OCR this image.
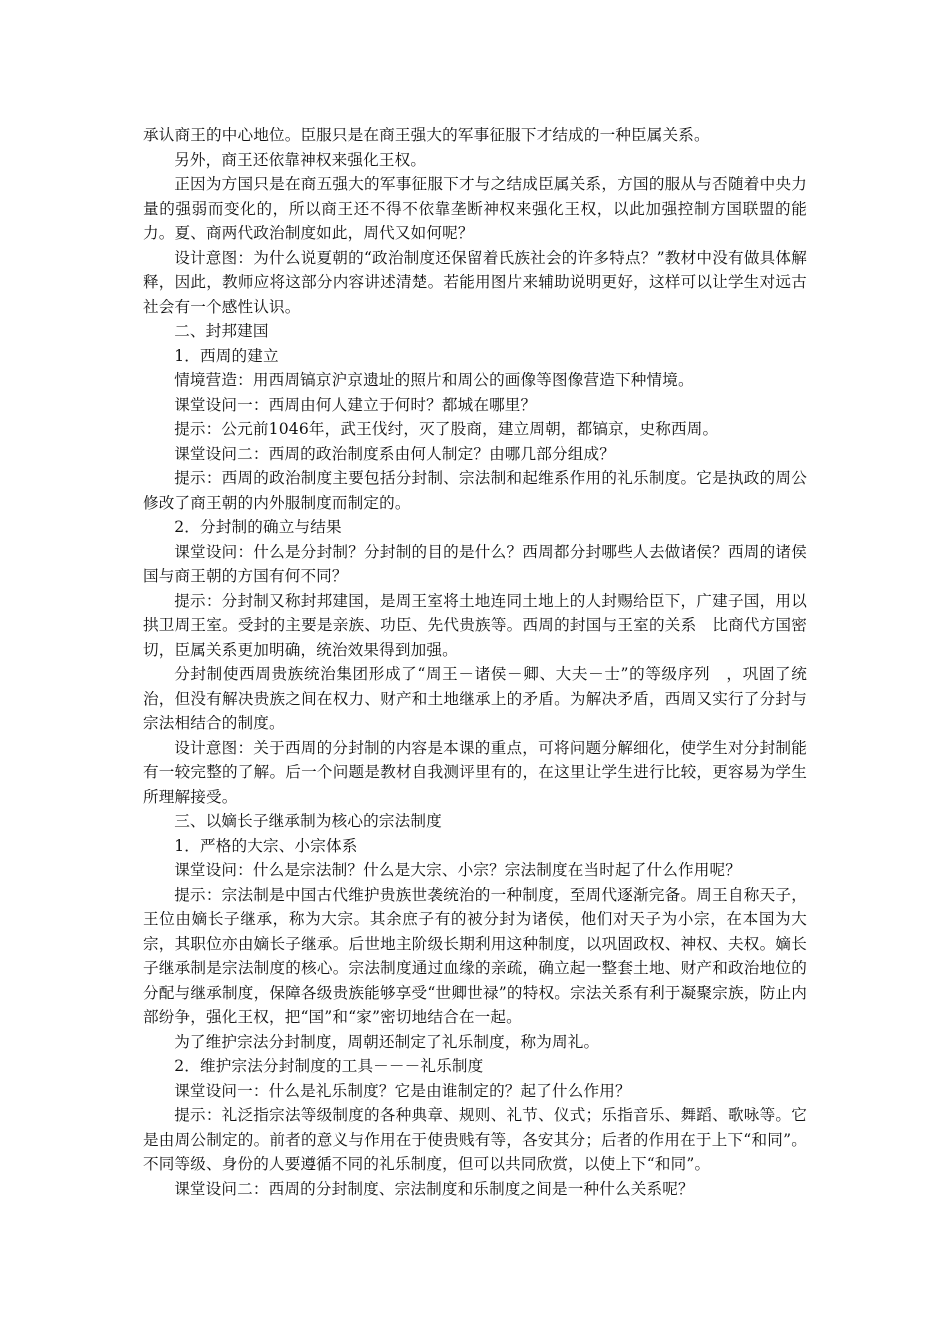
承认商王的中心地位。臣服只是在商王强大的军事征服下才结成的一种臣属关系。

另外，商王还依靠神权来强化王权。

正因为方国只是在商五强大的军事征服下才与之结成臣属关系，方国的服从与否随着中央力量的强弱而变化的，所以商王还不得不依靠垄断神权来强化王权，以此加强控制方国联盟的能力。夏、商两代政治制度如此，周代又如何呢？

设计意图：为什么说夏朝的“政治制度还保留着氏族社会的许多特点？”教材中没有做具体解释，因此，教师应将这部分内容讲述清楚。若能用图片来辅助说明更好，这样可以让学生对远古社会有一个感性认识。

二、封邦建国

1．西周的建立

情境营造：用西周镐京沪京遗址的照片和周公的画像等图像营造下种情境。

课堂设问一：西周由何人建立于何时？都城在哪里？

提示：公元前1046年，武王伐纣，灭了股商，建立周朝，都镐京，史称西周。

课堂设问二：西周的政治制度系由何人制定？由哪几部分组成？

提示：西周的政治制度主要包括分封制、宗法制和起维系作用的礼乐制度。它是执政的周公修改了商王朝的内外服制度而制定的。

2．分封制的确立与结果

课堂设问：什么是分封制？分封制的目的是什么？西周都分封哪些人去做诸侯？西周的诸侯国与商王朝的方国有何不同？

提示：分封制又称封邦建国，是周王室将土地连同土地上的人封赐给臣下，广建子国，用以拱卫周王室。受封的主要是亲族、功臣、先代贵族等。西周的封国与王室的关系　比商代方国密切，臣属关系更加明确，统治效果得到加强。

分封制使西周贵族统治集团形成了“周王－诸侯－卿、大夫－士”的等级序列　，巩固了统治，但没有解决贵族之间在权力、财产和土地继承上的矛盾。为解决矛盾，西周又实行了分封与宗法相结合的制度。

设计意图：关于西周的分封制的内容是本课的重点，可将问题分解细化，使学生对分封制能有一较完整的了解。后一个问题是教材自我测评里有的，在这里让学生进行比较，更容易为学生所理解接受。

三、以嫡长子继承制为核心的宗法制度

1．严格的大宗、小宗体系

课堂设问：什么是宗法制？什么是大宗、小宗？宗法制度在当时起了什么作用呢？

提示：宗法制是中国古代维护贵族世袭统治的一种制度，至周代逐渐完备。周王自称天子，王位由嫡长子继承，称为大宗。其余庶子有的被分封为诸侯，他们对天子为小宗，在本国为大宗，其职位亦由嫡长子继承。后世地主阶级长期利用这种制度，以巩固政权、神权、夫权。嫡长子继承制是宗法制度的核心。宗法制度通过血缘的亲疏，确立起一整套土地、财产和政治地位的分配与继承制度，保障各级贵族能够享受“世卿世禄”的特权。宗法关系有利于凝聚宗族，防止内部纷争，强化王权，把“国”和“家”密切地结合在一起。

为了维护宗法分封制度，周朝还制定了礼乐制度，称为周礼。

2．维护宗法分封制度的工具－－－礼乐制度

课堂设问一：什么是礼乐制度？它是由谁制定的？起了什么作用？

提示：礼泛指宗法等级制度的各种典章、规则、礼节、仪式；乐指音乐、舞蹈、歌咏等。它是由周公制定的。前者的意义与作用在于使贵贱有等，各安其分；后者的作用在于上下“和同”。不同等级、身份的人要遵循不同的礼乐制度，但可以共同欣赏，以使上下“和同”。

课堂设问二：西周的分封制度、宗法制度和乐制度之间是一种什么关系呢？
